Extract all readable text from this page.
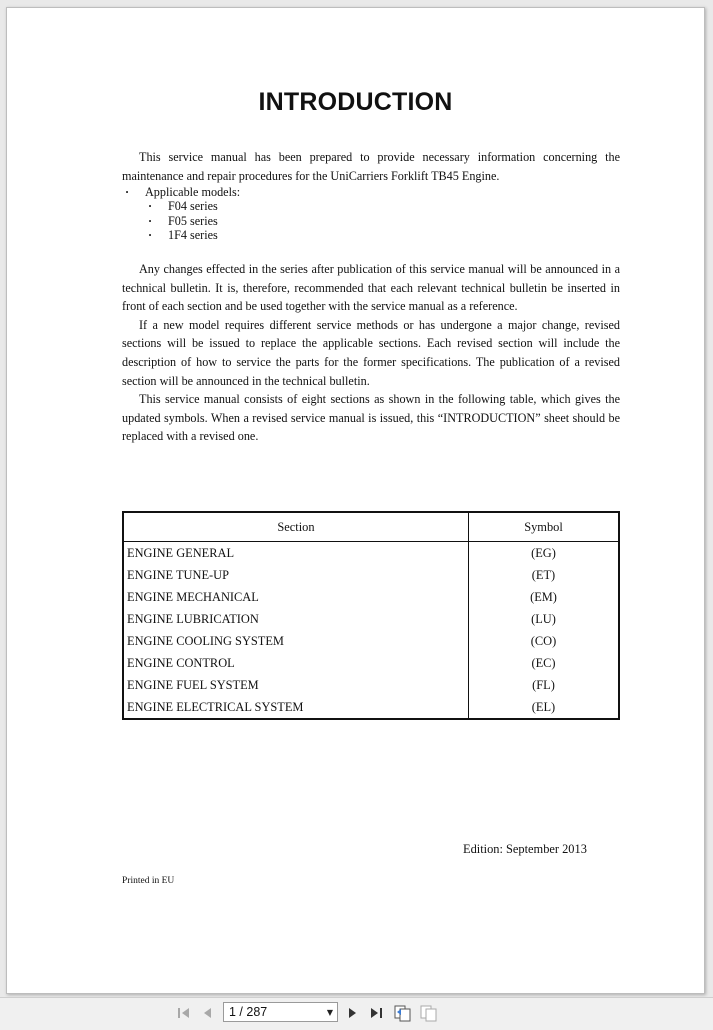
INTRODUCTION

This service manual has been prepared to provide necessary information concerning the maintenance and repair procedures for the UniCarriers Forklift TB45 Engine.

· Applicable models:
· F04 series
· F05 series
· 1F4 series

Any changes effected in the series after publication of this service manual will be announced in a technical bulletin. It is, therefore, recommended that each relevant technical bulletin be inserted in front of each section and be used together with the service manual as a reference.

If a new model requires different service methods or has undergone a major change, revised sections will be issued to replace the applicable sections. Each revised section will include the description of how to service the parts for the former specifications. The publication of a revised section will be announced in the technical bulletin.

This service manual consists of eight sections as shown in the following table, which gives the updated symbols. When a revised service manual is issued, this “INTRODUCTION” sheet should be replaced with a revised one.

Section	Symbol
ENGINE GENERAL	(EG)
ENGINE TUNE-UP	(ET)
ENGINE MECHANICAL	(EM)
ENGINE LUBRICATION	(LU)
ENGINE COOLING SYSTEM	(CO)
ENGINE CONTROL	(EC)
ENGINE FUEL SYSTEM	(FL)
ENGINE ELECTRICAL SYSTEM	(EL)
Edition: September 2013
Printed in EU
1 / 287	▼
